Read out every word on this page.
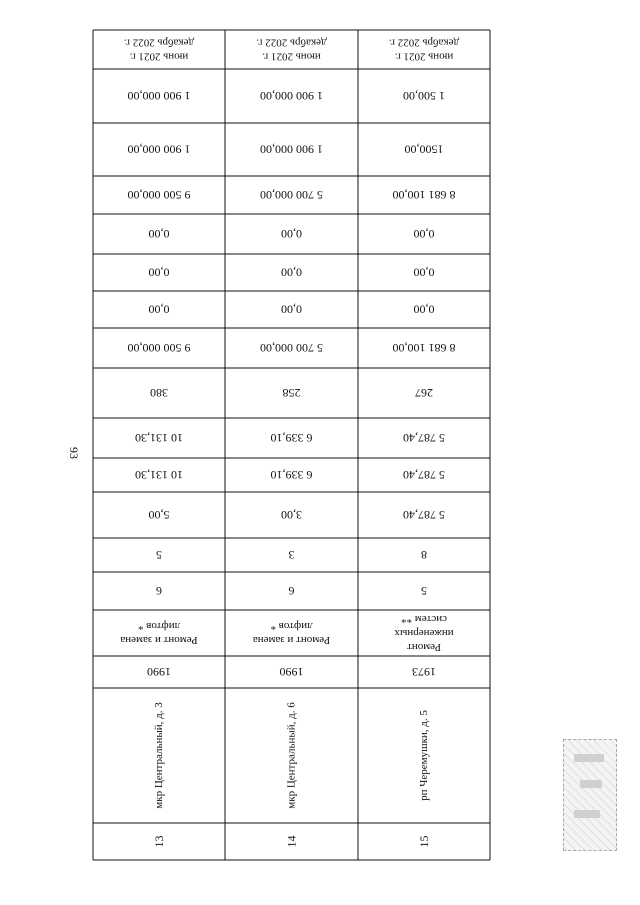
93
июнь 2021 г.
декабрь 2022 г.
1 900 000,00
1 900 000,00
9 500 000,00
0,00
0,00
0,00
9 500 000,00
380
10 131,30
10 131,30
5,00
5
6
Ремонт и замена
лифтов *
1990
мкр Центральный, д. 3
13
июнь 2021 г.
декабрь 2022 г.
1 900 000,00
1 900 000,00
5 700 000,00
0,00
0,00
0,00
5 700 000,00
258
6 339,10
6 339,10
3,00
3
6
Ремонт и замена
лифтов *
1990
мкр Центральный, д. 6
14
июнь 2021 г.
декабрь 2022 г.
1 500,00
1500,00
8 681 100,00
0,00
0,00
0,00
8 681 100,00
267
5 787,40
5 787,40
5 787,40
8
5
Ремонт
инженерных
систем **
1973
рп Черемушки, д. 5
15
